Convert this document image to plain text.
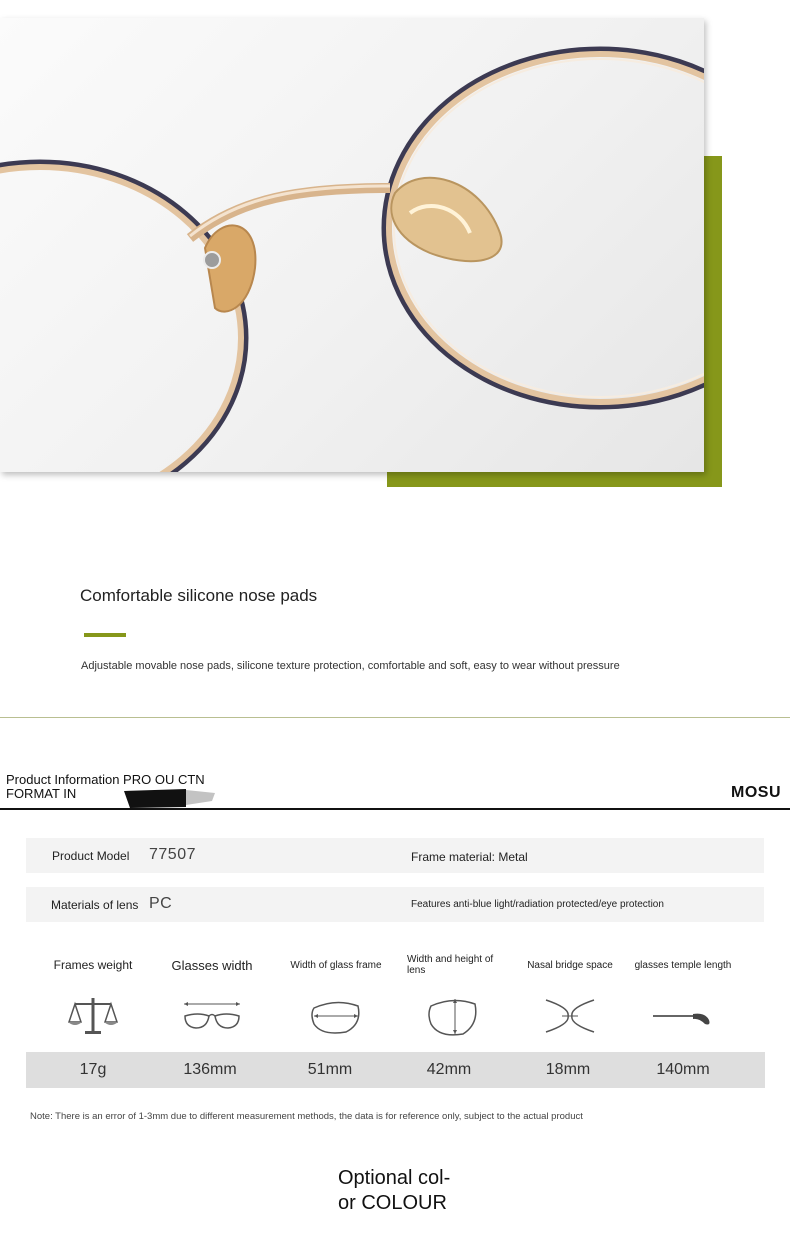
Comfortable silicone nose pads
Adjustable movable nose pads, silicone texture protection, comfortable and soft, easy to wear without pressure
Product Information PRO OU CTN
FORMAT IN	MOSU
Product Model 77507	Frame material: Metal
Materials of lens PC	Features anti-blue light/radiation protected/eye protection
Frames weight	Glasses width	Width of glass frame	Width and height of lens	Nasal bridge space	glasses temple length
17g	136mm	51mm	42mm	18mm	140mm
Note: There is an error of 1-3mm due to different measurement methods, the data is for reference only, subject to the actual product
Optional col-
or COLOUR
